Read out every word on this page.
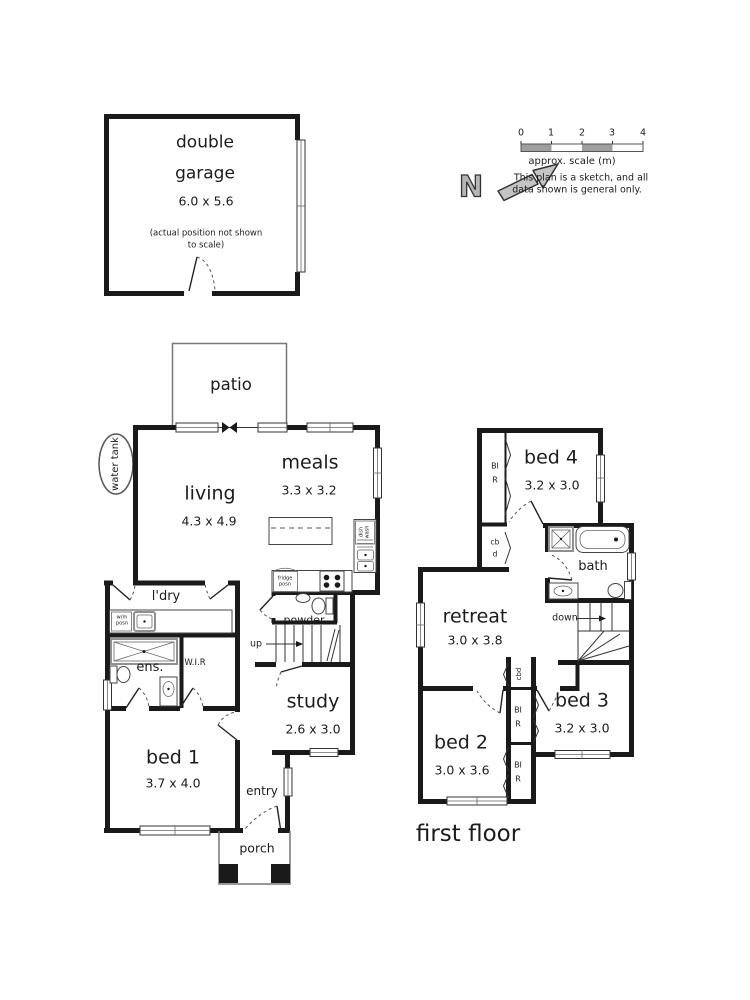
double garage
6.0 x 5.6
(actual position not shown to scale)
0	1	2	3	4
approx. scale (m)
This plan is a sketch, and all
data shown is general only.
N
patio
water tank
living
4.3 x 4.9
meals
3.3 x 3.2
l'dry
w/m posn
fridge posn
dish wash
powder
up
ens. W.I.R
study
2.6 x 3.0
bed 1
3.7 x 4.0
entry
porch
bed 4
3.2 x 3.0
BIR
cbd
bath
down
retreat
3.0 x 3.8
cbd
BIR
BIR
bed 3
3.2 x 3.0
bed 2
3.0 x 3.6
first floor
